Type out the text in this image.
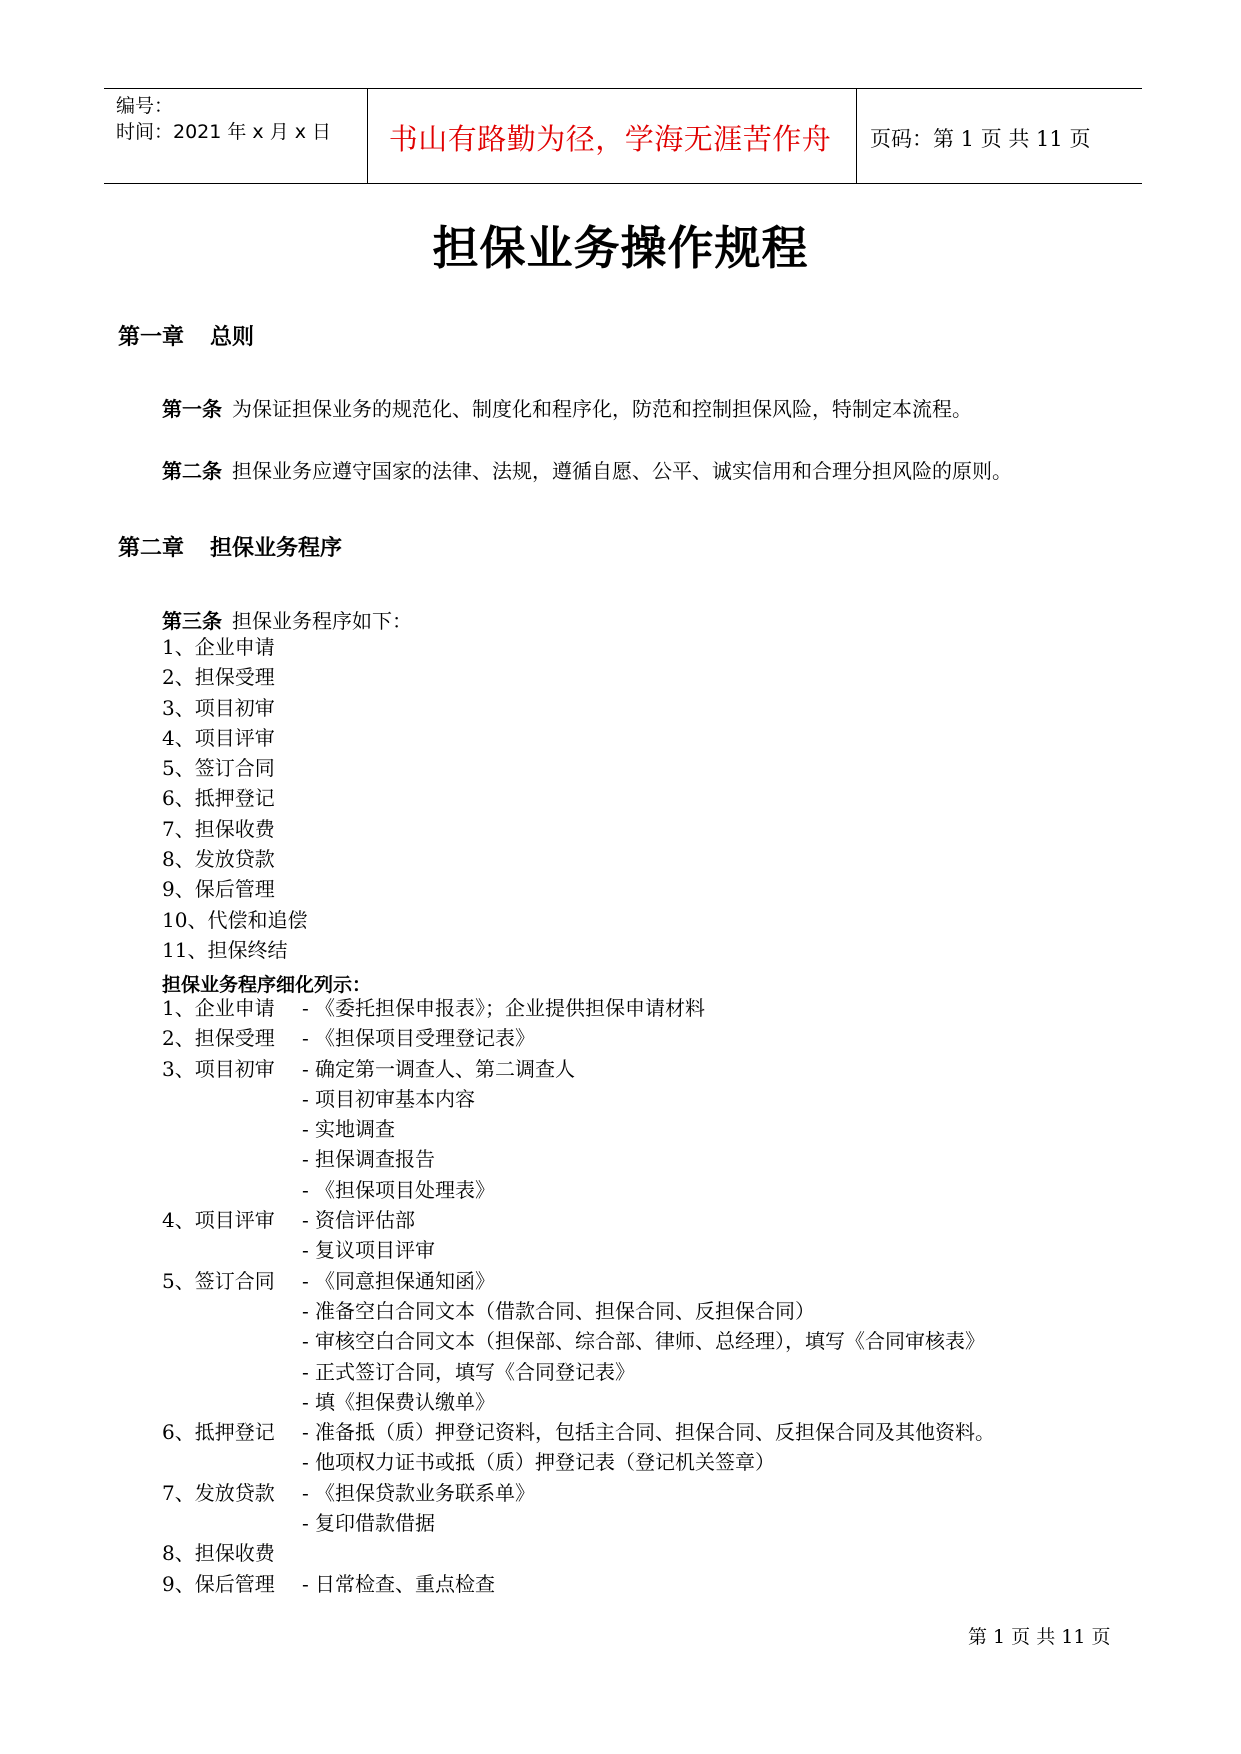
编号：
时间：2021 年 x 月 x 日	书山有路勤为径，学海无涯苦作舟	页码：第 1 页 共 11 页
担保业务操作规程
第一章 总则
第一条 为保证担保业务的规范化、制度化和程序化，防范和控制担保风险，特制定本流程。
第二条 担保业务应遵守国家的法律、法规，遵循自愿、公平、诚实信用和合理分担风险的原则。
第二章 担保业务程序
第三条 担保业务程序如下：
1、企业申请
2、担保受理
3、项目初审
4、项目评审
5、签订合同
6、抵押登记
7、担保收费
8、发放贷款
9、保后管理
10、代偿和追偿
11、担保终结
担保业务程序细化列示：
1、企业申请 - 《委托担保申报表》；企业提供担保申请材料
2、担保受理 - 《担保项目受理登记表》
3、项目初审 - 确定第一调查人、第二调查人
- 项目初审基本内容
- 实地调查
- 担保调查报告
- 《担保项目处理表》
4、项目评审 - 资信评估部
- 复议项目评审
5、签订合同 - 《同意担保通知函》
- 准备空白合同文本（借款合同、担保合同、反担保合同）
- 审核空白合同文本（担保部、综合部、律师、总经理），填写《合同审核表》
- 正式签订合同，填写《合同登记表》
- 填《担保费认缴单》
6、抵押登记 - 准备抵（质）押登记资料，包括主合同、担保合同、反担保合同及其他资料。
- 他项权力证书或抵（质）押登记表（登记机关签章）
7、发放贷款 - 《担保贷款业务联系单》
- 复印借款借据
8、担保收费
9、保后管理 - 日常检查、重点检查
第 1 页 共 11 页
